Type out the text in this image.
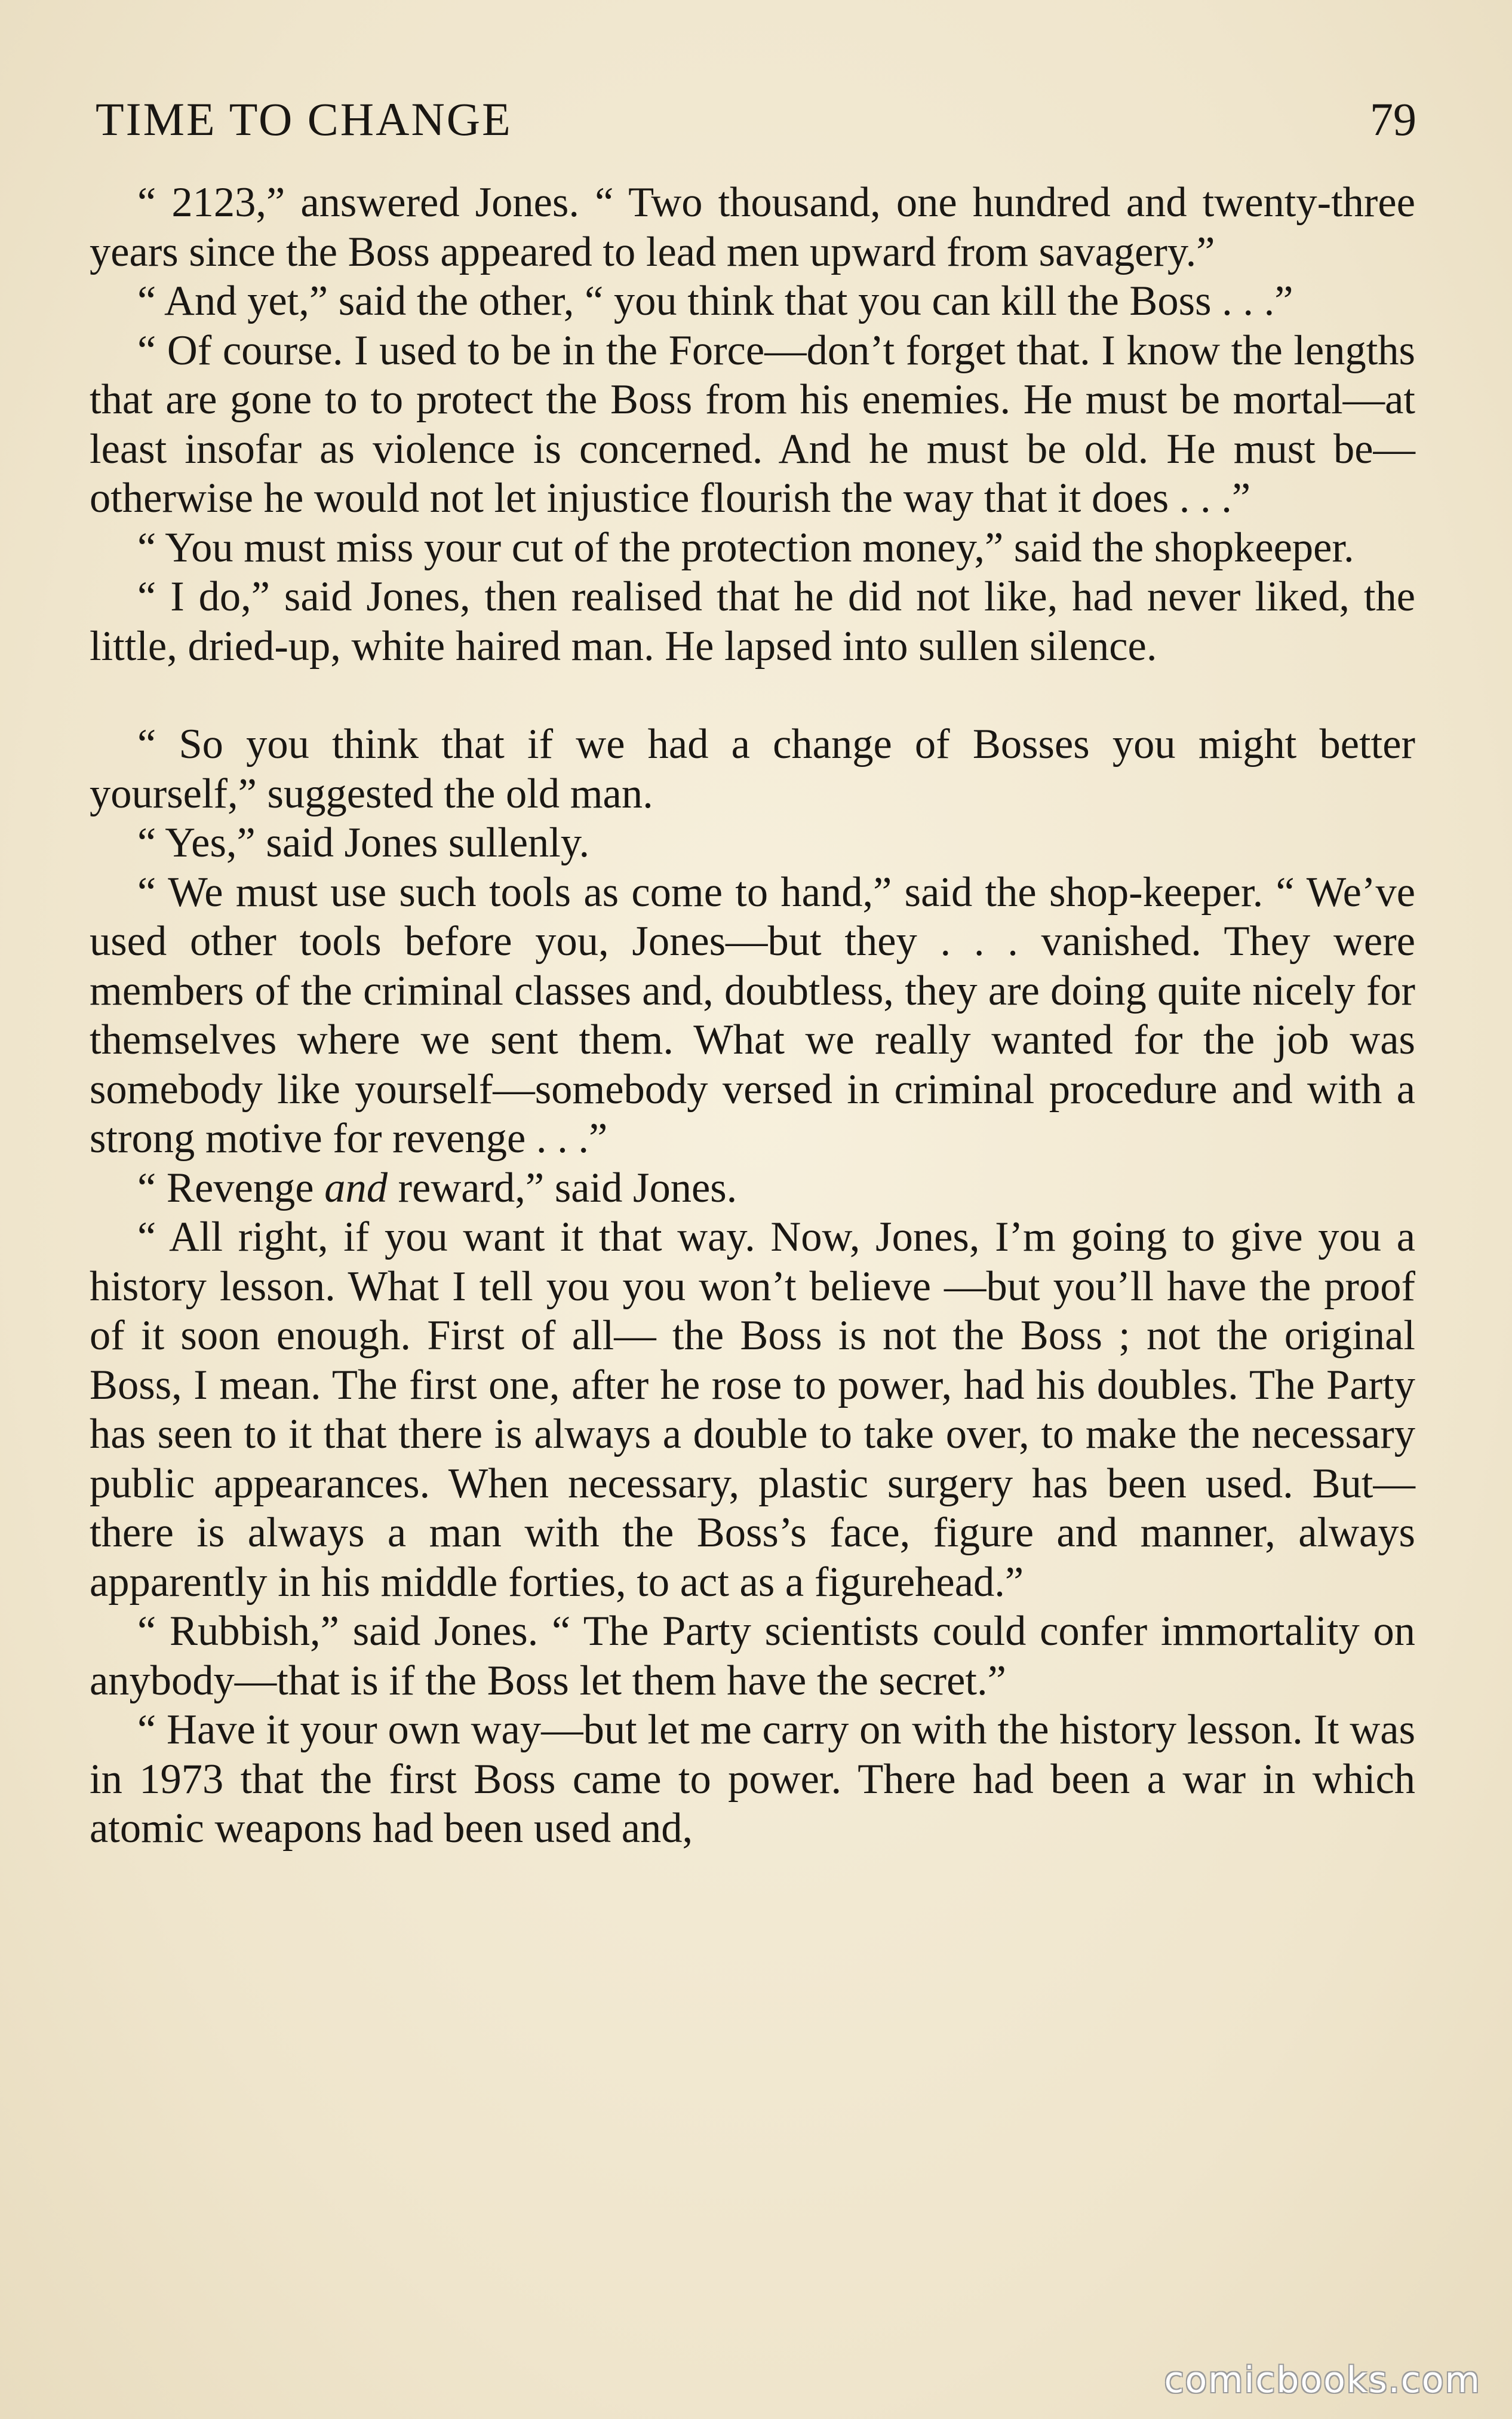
TIME TO CHANGE	79

“ 2123,” answered Jones. “ Two thousand, one hundred and twenty-three years since the Boss appeared to lead men upward from savagery.”

“ And yet,” said the other, “ you think that you can kill the Boss . . .”

“ Of course. I used to be in the Force—don’t forget that. I know the lengths that are gone to to protect the Boss from his enemies. He must be mortal—at least insofar as violence is concerned. And he must be old. He must be—otherwise he would not let injustice flourish the way that it does . . .”

“ You must miss your cut of the protection money,” said the shopkeeper.

“ I do,” said Jones, then realised that he did not like, had never liked, the little, dried-up, white haired man. He lapsed into sullen silence.

“ So you think that if we had a change of Bosses you might better yourself,” suggested the old man.

“ Yes,” said Jones sullenly.

“ We must use such tools as come to hand,” said the shop-keeper. “ We’ve used other tools before you, Jones—but they . . . vanished. They were members of the criminal classes and, doubtless, they are doing quite nicely for themselves where we sent them. What we really wanted for the job was somebody like yourself—somebody versed in criminal procedure and with a strong motive for revenge . . .”

“ Revenge and reward,” said Jones.

“ All right, if you want it that way. Now, Jones, I’m going to give you a history lesson. What I tell you you won’t believe —but you’ll have the proof of it soon enough. First of all— the Boss is not the Boss ; not the original Boss, I mean. The first one, after he rose to power, had his doubles. The Party has seen to it that there is always a double to take over, to make the necessary public appearances. When necessary, plastic surgery has been used. But—there is always a man with the Boss’s face, figure and manner, always apparently in his middle forties, to act as a figurehead.”

“ Rubbish,” said Jones. “ The Party scientists could confer immortality on anybody—that is if the Boss let them have the secret.”

“ Have it your own way—but let me carry on with the history lesson. It was in 1973 that the first Boss came to power. There had been a war in which atomic weapons had been used and,

comicbooks.com
